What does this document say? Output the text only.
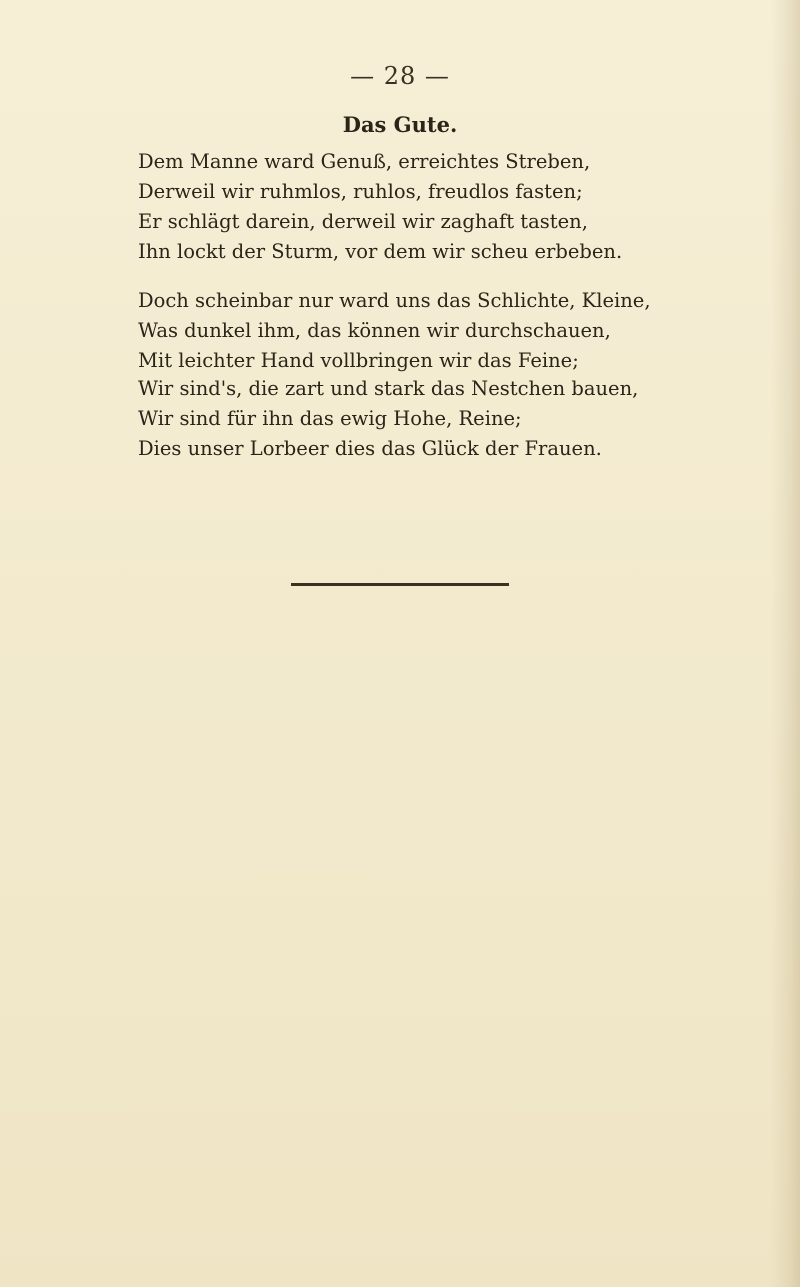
— 28 —
Das Gute.
Dem Manne ward Genuß, erreichtes Streben,
Derweil wir ruhmlos, ruhlos, freudlos fasten;
Er schlägt darein, derweil wir zaghaft tasten,
Ihn lockt der Sturm, vor dem wir scheu erbeben.
Doch scheinbar nur ward uns das Schlichte, Kleine,
Was dunkel ihm, das können wir durchschauen,
Mit leichter Hand vollbringen wir das Feine;
Wir sind's, die zart und stark das Nestchen bauen,
Wir sind für ihn das ewig Hohe, Reine;
Dies unser Lorbeer dies das Glück der Frauen.
